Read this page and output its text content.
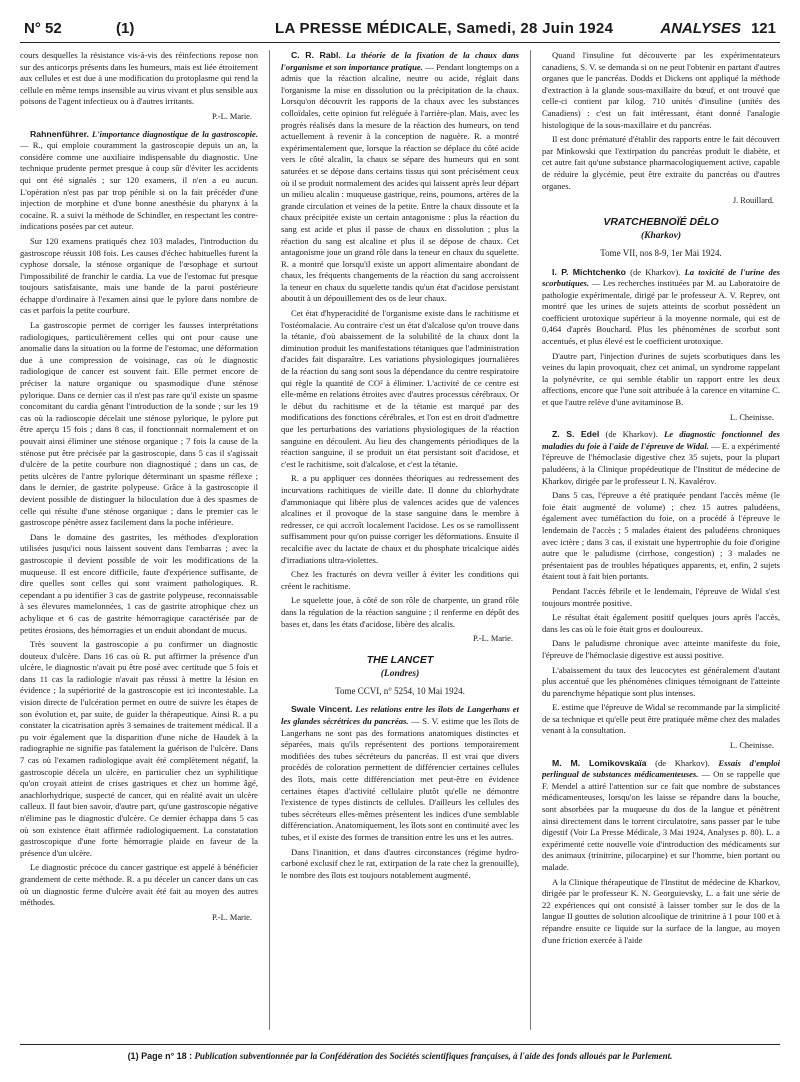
N° 52	(1)	LA PRESSE MÉDICALE, Samedi, 28 Juin 1924	ANALYSES 121

cours desquelles la résistance vis-à-vis des réinfections repose non sur des anticorps présents dans les humeurs, mais est liée étroitement aux cellules et est due à une modification du protoplasme qui rend la cellule en même temps insensible au virus vivant et plus sensible aux poisons de l'agent infectieux ou à d'autres irritants.

P.-L. Marie.

Rahnenführer. L'importance diagnostique de la gastroscopie. — R., qui emploie couramment la gastroscopie depuis un an, la considère comme une auxiliaire indispensable du diagnostic. Une technique prudente permet presque à coup sûr d'éviter les accidents qui ont été signalés ; sur 120 examens, il n'en a eu aucun. L'opération n'est pas par trop pénible si on la fait précéder d'une injection de morphine et d'une bonne anesthésie du pharynx à la cocaïne. R. a suivi la méthode de Schindler, en respectant les contre-indications posées par cet auteur.

Sur 120 examens pratiqués chez 103 malades, l'introduction du gastroscope réussit 108 fois. Les causes d'échec habituelles furent la cyphose dorsale, la sténose organique de l'œsophage et surtout l'impossibilité de franchir le cardia. La vue de l'estomac fut presque toujours satisfaisante, mais une bande de la paroi postérieure échappe d'ordinaire à l'examen ainsi que le pylore dans nombre de cas et parfois la petite courbure.

La gastroscopie permet de corriger les fausses interprétations radiologiques, particulièrement celles qui ont pour cause une anomalie dans la situation ou la forme de l'estomac, une déformation due à une compression de voisinage, cas où le diagnostic radiologique de cancer est souvent fait. Elle permet encore de préciser la nature organique ou spasmodique d'une sténose pylorique. Dans ce dernier cas il n'est pas rare qu'il existe un spasme concomitant du cardia gênant l'introduction de la sonde ; sur les 19 cas où la radioscopie décelait une sténose pylorique, le pylore put être aperçu 15 fois ; dans 8 cas, il fonctionnait normalement et on pouvait ainsi éliminer une sténose organique ; 7 fois la cause de la sténose put être précisée par la gastroscopie, dans 5 cas il s'agissait d'ulcère de la petite courbure non diagnostiqué ; dans un cas, de petits ulcères de l'antre pylorique déterminant un spasme réflexe ; dans le dernier, de gastrite polypeuse. Grâce à la gastroscopie il devient possible de distinguer la biloculation due à des spasmes de celle qui résulte d'une sténose organique ; dans le premier cas le gastroscope pénètre assez facilement dans la poche inférieure.

Dans le domaine des gastrites, les méthodes d'exploration utilisées jusqu'ici nous laissent souvent dans l'embarras ; avec la gastroscopie il devient possible de voir les modifications de la muqueuse. Il est encore difficile, faute d'expérience suffisante, de dire quelles sont celles qui sont vraiment pathologiques. R. cependant a pu identifier 3 cas de gastrite polypeuse, reconnaissable à ses élevures mamelonnées, 1 cas de gastrite atrophique chez un achylique et 6 cas de gastrite hémorragique caractérisée par de petites érosions, des hémorragies et un enduit abondant de mucus.

Très souvent la gastroscopie a pu confirmer un diagnostic douteux d'ulcère. Dans 16 cas où R. put affirmer la présence d'un ulcère, le diagnostic n'avait pu être posé avec certitude que 5 fois et dans 11 cas la radiologie n'avait pas réussi à mettre la lésion en évidence ; la supériorité de la gastroscopie est ici incontestable. La vision directe de l'ulcération permet en outre de suivre les étapes de son évolution et, par suite, de guider la thérapeutique. Ainsi R. a pu constater la cicatrisation après 3 semaines de traitement médical. Il a pu voir également que la disparition d'une niche de Haudek à la radiographie ne signifie pas fatalement la guérison de l'ulcère. Dans 7 cas où l'examen radiologique avait été complètement négatif, la gastroscopie décela un ulcère, en particulier chez un syphilitique qu'on croyait atteint de crises gastriques et chez un homme âgé, anachlorhydrique, suspecté de cancer, qui en réalité avait un ulcère calleux. Il faut bien savoir, d'autre part, qu'une gastroscopie négative n'élimine pas le diagnostic d'ulcère. Ce dernier échappa dans 5 cas où son existence était affirmée radiologiquement. La constatation gastroscopique d'une forte hémorragie plaide en faveur de la présence d'un ulcère.

Le diagnostic précoce du cancer gastrique est appelé à bénéficier grandement de cette méthode. R. a pu déceler un cancer dans un cas où un diagnostic ferme d'ulcère avait été fait au moyen des autres méthodes.

P.-L. Marie.

C. R. Rabl. La théorie de la fixation de la chaux dans l'organisme et son importance pratique. — Pendant longtemps on a admis que la réaction alcaline, neutre ou acide, réglait dans l'organisme la mise en dissolution ou la précipitation de la chaux. Lorsqu'on découvrit les rapports de la chaux avec les substances colloïdales, cette opinion fut reléguée à l'arrière-plan. Mais, avec les progrès réalisés dans la mesure de la réaction des humeurs, on tend actuellement à revenir à la conception de naguère. R. a montré expérimentalement que, lorsque la réaction se déplace du côté acide vers le côté alcalin, la chaux se sépare des humeurs qui en sont saturées et se dépose dans certains tissus qui sont précisément ceux où il se produit normalement des acides qui laissent après leur départ un milieu alcalin : muqueuse gastrique, reins, poumons, artères de la grande circulation et veines de la petite. Entre la chaux dissoute et la chaux précipitée existe un certain antagonisme : plus la réaction du sang est acide et plus il passe de chaux en dissolution ; plus la réaction du sang est alcaline et plus il se dépose de chaux. Cet antagonisme joue un grand rôle dans la teneur en chaux du squelette. R. a montré que lorsqu'il existe un apport alimentaire abondant de chaux, les fréquents changements de la réaction du sang accroissent la teneur en chaux du squelette tandis qu'un état d'acidose persistant aboutit à un dépouillement des os de leur chaux.

Cet état d'hyperacidité de l'organisme existe dans le rachitisme et l'ostéomalacie. Au contraire c'est un état d'alcalose qu'on trouve dans la tétanie, d'où abaissement de la solubilité de la chaux dont la diminution produit les manifestations tétaniques que l'administration d'acides fait disparaître. Les variations physiologiques journalières de la réaction du sang sont sous la dépendance du centre respiratoire qui règle la quantité de CO² à éliminer. L'activité de ce centre est elle-même en relations étroites avec d'autres processus cérébraux. Or le début du rachitisme et de la tétanie est marqué par des modifications des fonctions cérébrales, et l'on est en droit d'admettre que les perturbations des variations physiologiques de la réaction sanguine en découlent. Au lieu des changements périodiques de la réaction sanguine, il se produit un état persistant soit d'acidose, et c'est le rachitisme, soit d'alcalose, et c'est la tétanie.

R. a pu appliquer ces données théoriques au redressement des incurvations rachitiques de vieille date. Il donne du chlorhydrate d'ammoniaque qui libère plus de valences acides que de valences alcalines et il provoque de la stase sanguine dans le membre à redresser, ce qui accroît localement l'acidose. Les os se ramollissent suffisamment pour qu'on puisse corriger les déformations. Ensuite il recalcifie avec du lactate de chaux et du phosphate tricalcique aidés d'irradiations ultra-violettes.

Chez les fracturés on devra veiller à éviter les conditions qui créent le rachitisme.

Le squelette joue, à côté de son rôle de charpente, un grand rôle dans la régulation de la réaction sanguine ; il renferme en dépôt des bases et, dans les états d'acidose, libère des alcalis.

P.-L. Marie.
THE LANCET
(Londres)
Tome CCVI, n° 5254, 10 Mai 1924.

Swale Vincent. Les relations entre les îlots de Langerhans et les glandes sécrétrices du pancréas. — S. V. estime que les îlots de Langerhans ne sont pas des formations anatomiques distinctes et séparées, mais qu'ils représentent des portions temporairement modifiées des tubes sécréteurs du pancréas. Il est vrai que divers procédés de coloration permettent de différencier certaines cellules des îlots, mais cette différenciation met peut-être en évidence certaines étapes d'activité cellulaire plutôt qu'elle ne démontre l'existence de types distincts de cellules. D'ailleurs les cellules des tubes sécréteurs elles-mêmes présentent les indices d'une semblable différenciation. Anatomiquement, les îlots sont en continuité avec les tubes, et il existe des formes de transition entre les uns et les autres.

Dans l'inanition, et dans d'autres circonstances (régime hydro-carboné exclusif chez le rat, extirpation de la rate chez la grenouille), le nombre des îlots est toujours notablement augmenté.

Quand l'insuline fut découverte par les expérimentateurs canadiens, S. V. se demanda si on ne peut l'obtenir en partant d'autres organes que le pancréas. Dodds et Dickens ont appliqué la méthode d'extraction à la glande sous-maxillaire du bœuf, et ont trouvé que celle-ci contient par kilog. 710 unités d'insuline (unités des Canadiens) : c'est un fait intéressant, étant donné l'analogie histologique de la sous-maxillaire et du pancréas.

Il est donc prématuré d'établir des rapports entre le fait découvert par Minkowski que l'extirpation du pancréas produit le diabète, et cet autre fait qu'une substance pharmacologiquement active, capable de réduire la glycémie, peut être extraite du pancréas ou d'autres organes.

J. Rouillard.
VRATCHEBNOÏÉ DÉLO
(Kharkov)
Tome VII, nos 8-9, 1er Mai 1924.

I. P. Michtchenko (de Kharkov). La toxicité de l'urine des scorbutiques. — Les recherches instituées par M. au Laboratoire de pathologie expérimentale, dirigé par le professeur A. V. Reprev, ont montré que les urines de sujets atteints de scorbut possèdent un coefficient urotoxique supérieur à la moyenne normale, qui est de 0,464 d'après Bouchard. Plus les phénomènes de scorbut sont accentués, et plus élevé est le coefficient urotoxique.

D'autre part, l'injection d'urines de sujets scorbutiques dans les veines du lapin provoquait, chez cet animal, un syndrome rappelant la polynévrite, ce qui semble établir un rapport entre les deux affections, encore que l'une soit attribuée à la carence en vitamine C. et que l'autre relève d'une avitaminose B.

L. Cheinisse.

Z. S. Edel (de Kharkov). Le diagnostic fonctionnel des maladies du foie à l'aide de l'épreuve de Widal. — E. a expérimenté l'épreuve de l'hémoclasie digestive chez 35 sujets, pour la plupart paludéens, à la Clinique propédeutique de l'Institut de médecine de Kharkov, dirigée par le professeur I. N. Kavalérov.

Dans 5 cas, l'épreuve a été pratiquée pendant l'accès même (le foie était augmenté de volume) ; chez 15 autres paludéens, également avec tuméfaction du foie, on a procédé à l'épreuve le lendemain de l'accès ; 5 malades étaient des paludéens chroniques avec ictère ; dans 3 cas, il existait une hypertrophie du foie d'origine autre que le paludisme (cirrhose, congestion) ; 3 malades ne présentaient pas de troubles hépatiques apparents, et, enfin, 2 sujets étaient tout à fait bien portants.

Pendant l'accès fébrile et le lendemain, l'épreuve de Widal s'est toujours montrée positive.

Le résultat était également positif quelques jours après l'accès, dans les cas où le foie était gros et douloureux.

Dans le paludisme chronique avec atteinte manifeste du foie, l'épreuve de l'hémoclasie digestive est aussi positive.

L'abaissement du taux des leucocytes est généralement d'autant plus accentué que les phénomènes cliniques témoignant de l'atteinte du parenchyme hépatique sont plus intenses.

E. estime que l'épreuve de Widal se recommande par la simplicité de sa technique et qu'elle peut être pratiquée même chez des malades venant à la consultation.

L. Cheinisse.

M. M. Lomikovskaïa (de Kharkov). Essais d'emploi perlingual de substances médicamenteuses. — On se rappelle que F. Mendel a attiré l'attention sur ce fait que nombre de substances médicamenteuses, lorsqu'on les laisse se répandre dans la bouche, sont absorbées par la muqueuse du dos de la langue et pénètrent ainsi directement dans le torrent circulatoire, sans passer par le tube digestif (Voir La Presse Médicale, 3 Mai 1924, Analyses p. 80). L. a expérimenté cette nouvelle voie d'introduction des médicaments sur des animaux (trinitrine, pilocarpine) et sur l'homme, bien portant ou malade.

A la Clinique thérapeutique de l'Institut de médecine de Kharkov, dirigée par le professeur K. N. Georguievsky, L. a fait une série de 22 expériences qui ont consisté à laisser tomber sur le dos de la langue II gouttes de solution alcoolique de trinitrine à 1 pour 100 et à répandre ensuite ce liquide sur la surface de la langue, au moyen d'une friction exercée à l'aide

(1) Page n° 18 : Publication subventionnée par la Confédération des Sociétés scientifiques françaises, à l'aide des fonds alloués par le Parlement.
